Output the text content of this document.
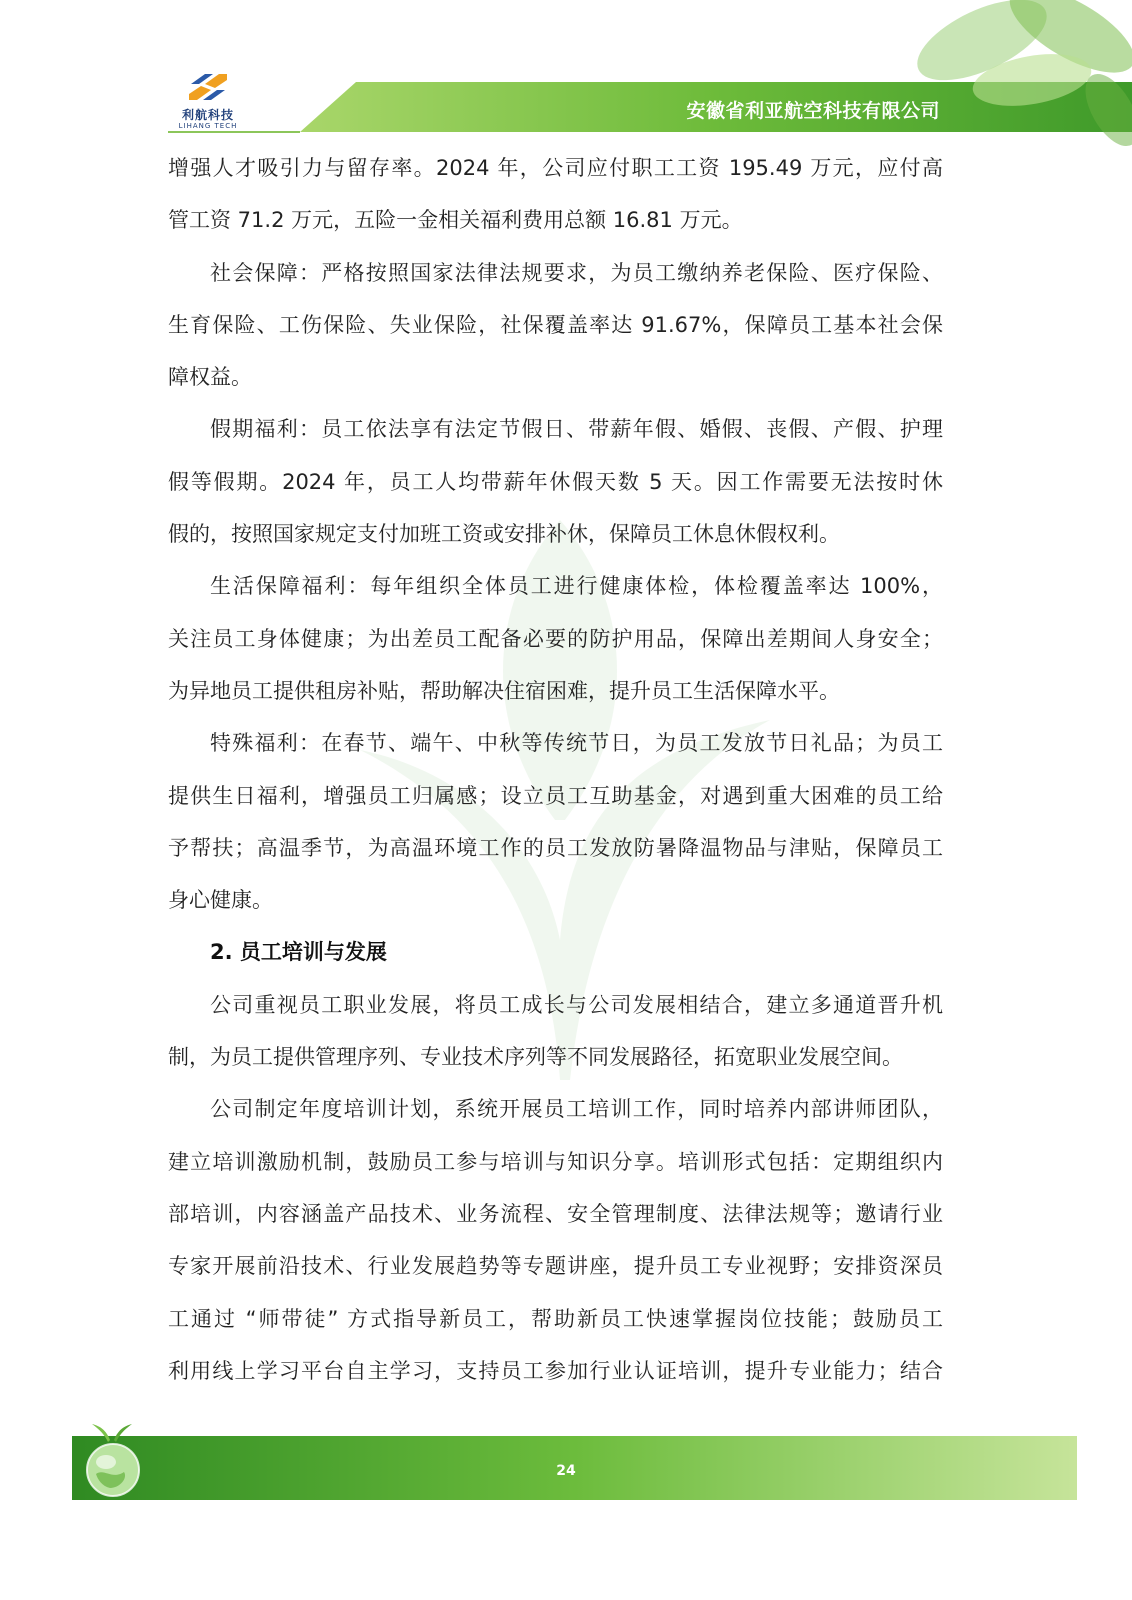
利航科技
LIHANG TECH
安徽省利亚航空科技有限公司

增强人才吸引力与留存率。2024 年，公司应付职工工资 195.49 万元，应付高

管工资 71.2 万元，五险一金相关福利费用总额 16.81 万元。

社会保障：严格按照国家法律法规要求，为员工缴纳养老保险、医疗保险、

生育保险、工伤保险、失业保险，社保覆盖率达 91.67%，保障员工基本社会保

障权益。

假期福利：员工依法享有法定节假日、带薪年假、婚假、丧假、产假、护理

假等假期。2024 年，员工人均带薪年休假天数 5 天。因工作需要无法按时休

假的，按照国家规定支付加班工资或安排补休，保障员工休息休假权利。

生活保障福利：每年组织全体员工进行健康体检，体检覆盖率达 100%，

关注员工身体健康；为出差员工配备必要的防护用品，保障出差期间人身安全；

为异地员工提供租房补贴，帮助解决住宿困难，提升员工生活保障水平。

特殊福利：在春节、端午、中秋等传统节日，为员工发放节日礼品；为员工

提供生日福利，增强员工归属感；设立员工互助基金，对遇到重大困难的员工给

予帮扶；高温季节，为高温环境工作的员工发放防暑降温物品与津贴，保障员工

身心健康。

2. 员工培训与发展

公司重视员工职业发展，将员工成长与公司发展相结合，建立多通道晋升机

制，为员工提供管理序列、专业技术序列等不同发展路径，拓宽职业发展空间。

公司制定年度培训计划，系统开展员工培训工作，同时培养内部讲师团队，

建立培训激励机制，鼓励员工参与培训与知识分享。培训形式包括：定期组织内

部培训，内容涵盖产品技术、业务流程、安全管理制度、法律法规等；邀请行业

专家开展前沿技术、行业发展趋势等专题讲座，提升员工专业视野；安排资深员

工通过 “师带徒” 方式指导新员工，帮助新员工快速掌握岗位技能；鼓励员工

利用线上学习平台自主学习，支持员工参加行业认证培训，提升专业能力；结合

24
